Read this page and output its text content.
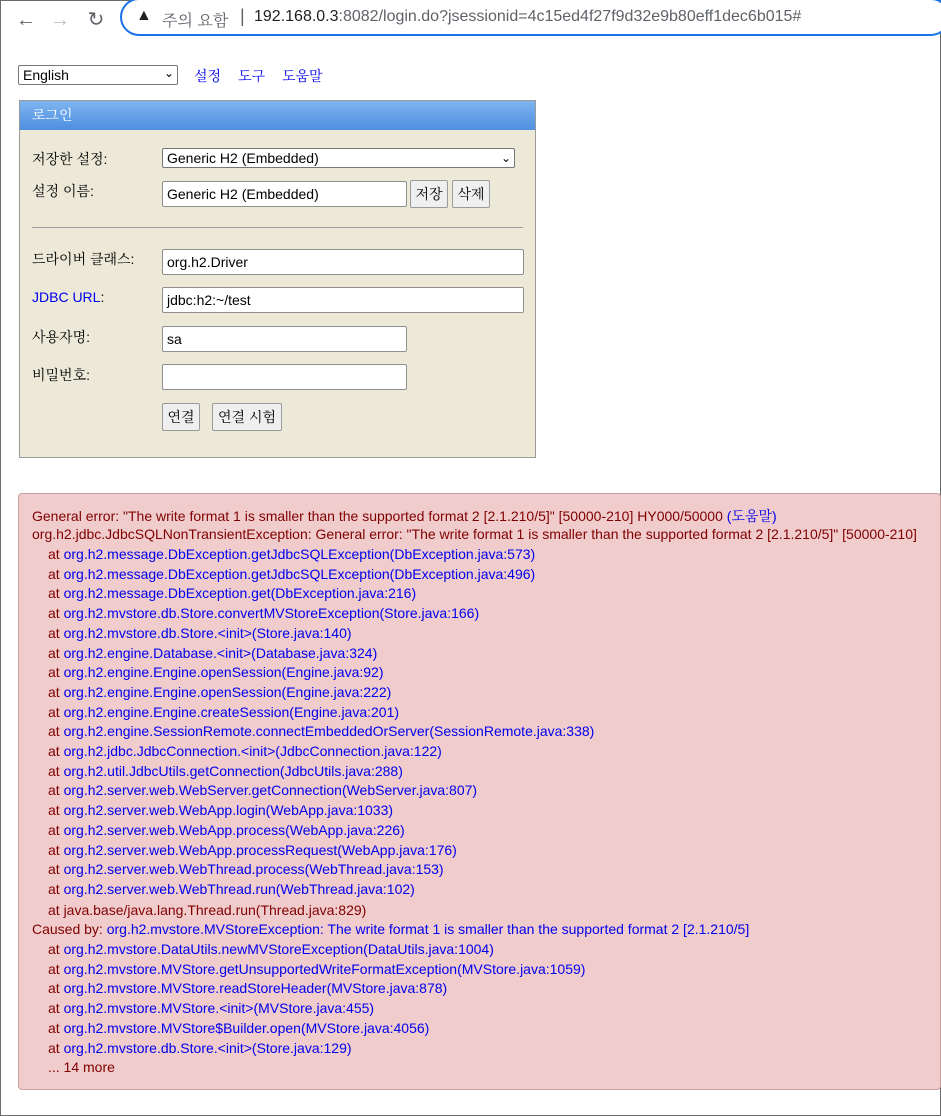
← → ↻ ▲ 주의 요함 | 192.168.0.3:8082/login.do?jsessionid=4c15ed4f27f9d32e9b80eff1dec6b015#
English	⌄ 설정 도구 도움말
로그인
저장한 설정:	Generic H2 (Embedded)	⌄
설정 이름:	Generic H2 (Embedded)	저장	삭제
드라이버 클래스:	org.h2.Driver
JDBC URL:	jdbc:h2:~/test
사용자명:	sa
비밀번호:
연결	연결 시험
General error: "The write format 1 is smaller than the supported format 2 [2.1.210/5]" [50000-210] HY000/50000 (도움말)
org.h2.jdbc.JdbcSQLNonTransientException: General error: "The write format 1 is smaller than the supported format 2 [2.1.210/5]" [50000-210]
at org.h2.message.DbException.getJdbcSQLException(DbException.java:573)
at org.h2.message.DbException.getJdbcSQLException(DbException.java:496)
at org.h2.message.DbException.get(DbException.java:216)
at org.h2.mvstore.db.Store.convertMVStoreException(Store.java:166)
at org.h2.mvstore.db.Store.<init>(Store.java:140)
at org.h2.engine.Database.<init>(Database.java:324)
at org.h2.engine.Engine.openSession(Engine.java:92)
at org.h2.engine.Engine.openSession(Engine.java:222)
at org.h2.engine.Engine.createSession(Engine.java:201)
at org.h2.engine.SessionRemote.connectEmbeddedOrServer(SessionRemote.java:338)
at org.h2.jdbc.JdbcConnection.<init>(JdbcConnection.java:122)
at org.h2.util.JdbcUtils.getConnection(JdbcUtils.java:288)
at org.h2.server.web.WebServer.getConnection(WebServer.java:807)
at org.h2.server.web.WebApp.login(WebApp.java:1033)
at org.h2.server.web.WebApp.process(WebApp.java:226)
at org.h2.server.web.WebApp.processRequest(WebApp.java:176)
at org.h2.server.web.WebThread.process(WebThread.java:153)
at org.h2.server.web.WebThread.run(WebThread.java:102)
at java.base/java.lang.Thread.run(Thread.java:829)
Caused by: org.h2.mvstore.MVStoreException: The write format 1 is smaller than the supported format 2 [2.1.210/5]
at org.h2.mvstore.DataUtils.newMVStoreException(DataUtils.java:1004)
at org.h2.mvstore.MVStore.getUnsupportedWriteFormatException(MVStore.java:1059)
at org.h2.mvstore.MVStore.readStoreHeader(MVStore.java:878)
at org.h2.mvstore.MVStore.<init>(MVStore.java:455)
at org.h2.mvstore.MVStore$Builder.open(MVStore.java:4056)
at org.h2.mvstore.db.Store.<init>(Store.java:129)
... 14 more
